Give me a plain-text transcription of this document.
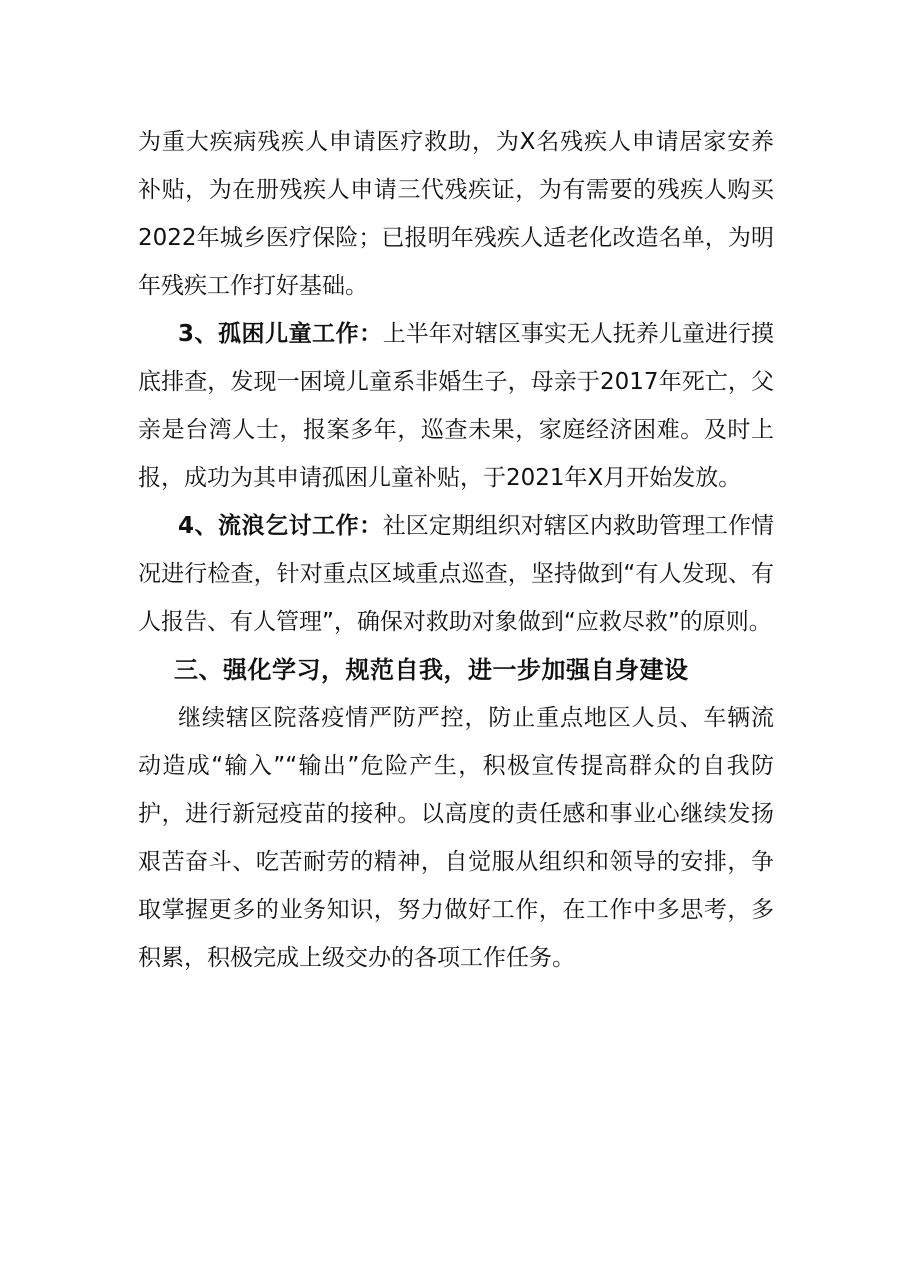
为重大疾病残疾人申请医疗救助，为X名残疾人申请居家安养补贴，为在册残疾人申请三代残疾证，为有需要的残疾人购买2022年城乡医疗保险；已报明年残疾人适老化改造名单，为明年残疾工作打好基础。

3、孤困儿童工作：上半年对辖区事实无人抚养儿童进行摸底排查，发现一困境儿童系非婚生子，母亲于2017年死亡，父亲是台湾人士，报案多年，巡查未果，家庭经济困难。及时上报，成功为其申请孤困儿童补贴，于2021年X月开始发放。

4、流浪乞讨工作：社区定期组织对辖区内救助管理工作情况进行检查，针对重点区域重点巡查，坚持做到“有人发现、有人报告、有人管理”，确保对救助对象做到“应救尽救”的原则。

三、强化学习，规范自我，进一步加强自身建设

继续辖区院落疫情严防严控，防止重点地区人员、车辆流动造成“输入”“输出”危险产生，积极宣传提高群众的自我防护，进行新冠疫苗的接种。以高度的责任感和事业心继续发扬艰苦奋斗、吃苦耐劳的精神，自觉服从组织和领导的安排，争取掌握更多的业务知识，努力做好工作，在工作中多思考，多积累，积极完成上级交办的各项工作任务。
